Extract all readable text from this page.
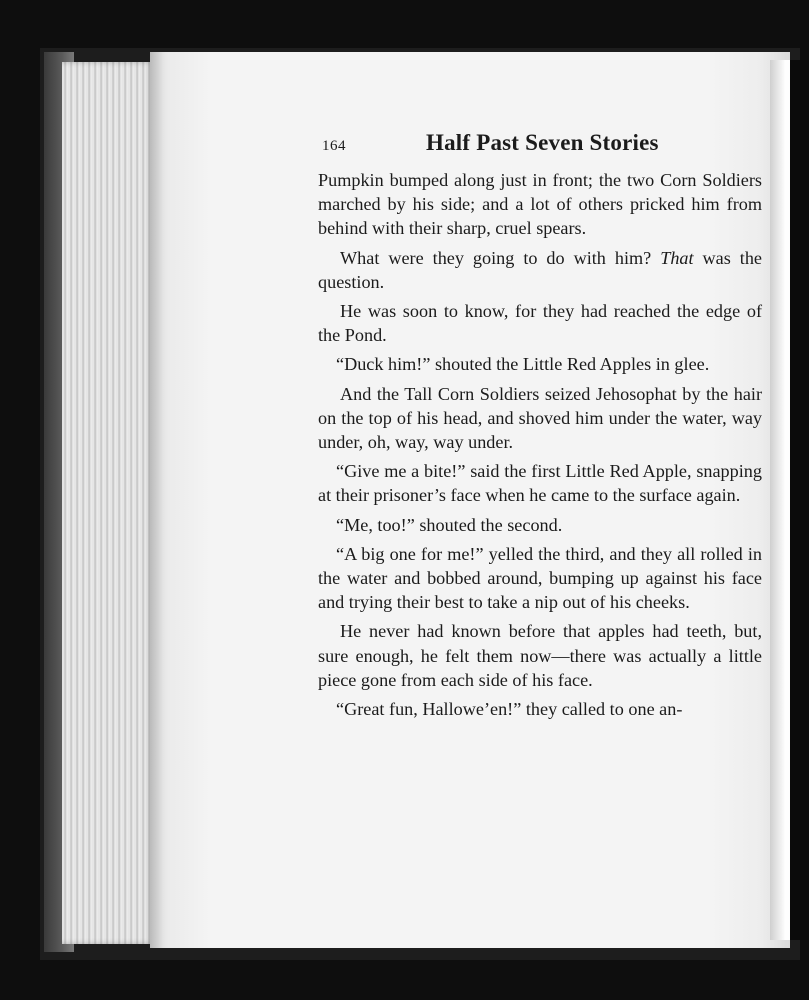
164	Half Past Seven Stories

Pumpkin bumped along just in front; the two Corn Soldiers marched by his side; and a lot of others pricked him from behind with their sharp, cruel spears.

What were they going to do with him? That was the question.

He was soon to know, for they had reached the edge of the Pond.

“Duck him!” shouted the Little Red Apples in glee.

And the Tall Corn Soldiers seized Jehosophat by the hair on the top of his head, and shoved him under the water, way under, oh, way, way under.

“Give me a bite!” said the first Little Red Apple, snapping at their prisoner’s face when he came to the surface again.

“Me, too!” shouted the second.

“A big one for me!” yelled the third, and they all rolled in the water and bobbed around, bumping up against his face and trying their best to take a nip out of his cheeks.

He never had known before that apples had teeth, but, sure enough, he felt them now—there was actually a little piece gone from each side of his face.

“Great fun, Hallowe’en!” they called to one an-
